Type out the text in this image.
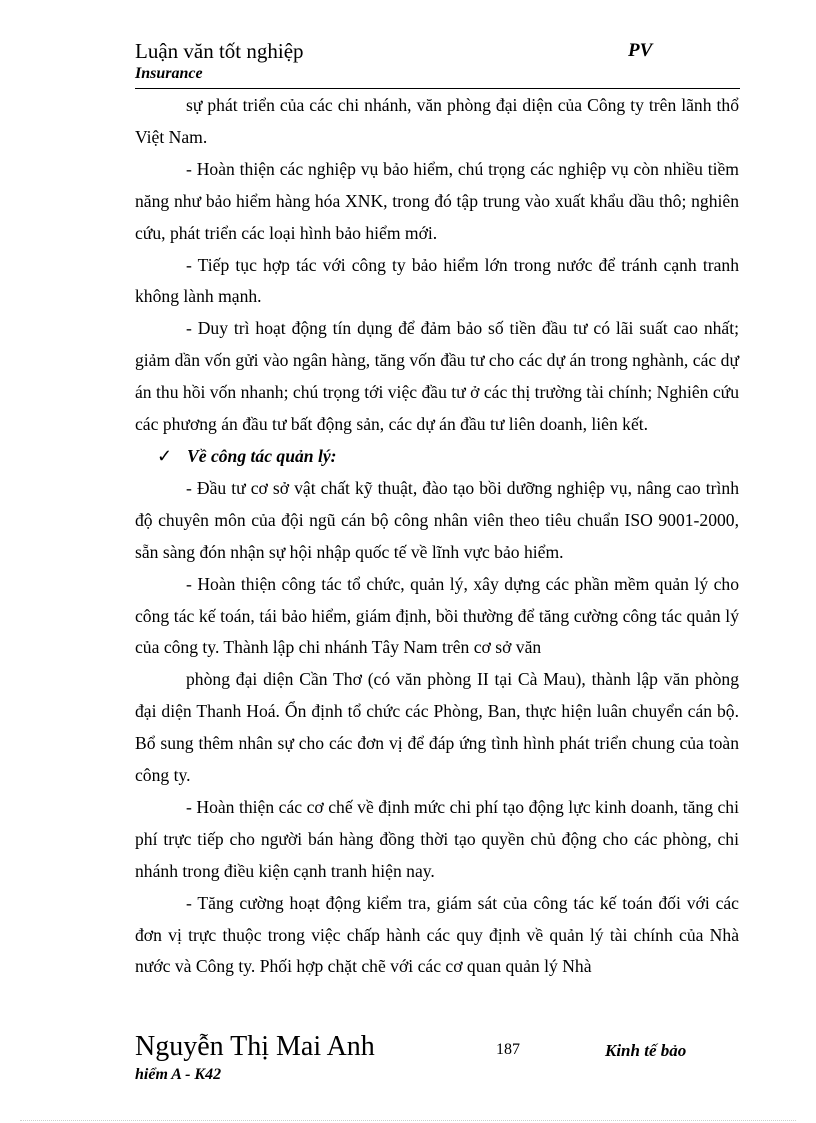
Luận văn tốt nghiệp	PV
Insurance

sự phát triển của các chi nhánh, văn phòng đại diện của Công ty trên lãnh thổ Việt Nam.

- Hoàn thiện các nghiệp vụ bảo hiểm, chú trọng các nghiệp vụ còn nhiều tiềm năng như bảo hiểm hàng hóa XNK, trong đó tập trung vào xuất khẩu dầu thô; nghiên cứu, phát triển các loại hình bảo hiểm mới.

- Tiếp tục hợp tác với công ty bảo hiểm lớn trong nước để tránh cạnh tranh không lành mạnh.

- Duy trì hoạt động tín dụng để đảm bảo số tiền đầu tư có lãi suất cao nhất; giảm dần vốn gửi vào ngân hàng, tăng vốn đầu tư cho các dự án trong nghành, các dự án thu hồi vốn nhanh; chú trọng tới việc đầu tư ở các thị trường tài chính; Nghiên cứu các phương án đầu tư bất động sản, các dự án đầu tư liên doanh, liên kết.

✓ Về công tác quản lý:

- Đầu tư cơ sở vật chất kỹ thuật, đào tạo bồi dưỡng nghiệp vụ, nâng cao trình độ chuyên môn của đội ngũ cán bộ công nhân viên theo tiêu chuẩn ISO 9001-2000, sẵn sàng đón nhận sự hội nhập quốc tế về lĩnh vực bảo hiểm.

- Hoàn thiện công tác tổ chức, quản lý, xây dựng các phần mềm quản lý cho công tác kế toán, tái bảo hiểm, giám định, bồi thường để tăng cường công tác quản lý của công ty. Thành lập chi nhánh Tây Nam trên cơ sở văn

phòng đại diện Cần Thơ (có văn phòng II tại Cà Mau), thành lập văn phòng đại diện Thanh Hoá. Ổn định tổ chức các Phòng, Ban, thực hiện luân chuyển cán bộ. Bổ sung thêm nhân sự cho các đơn vị để đáp ứng tình hình phát triển chung của toàn công ty.

- Hoàn thiện các cơ chế về định mức chi phí tạo động lực kinh doanh, tăng chi phí trực tiếp cho người bán hàng đồng thời tạo quyền chủ động cho các phòng, chi nhánh trong điều kiện cạnh tranh hiện nay.

- Tăng cường hoạt động kiểm tra, giám sát của công tác kế toán đối với các đơn vị trực thuộc trong việc chấp hành các quy định về quản lý tài chính của Nhà nước và Công ty. Phối hợp chặt chẽ với các cơ quan quản lý Nhà

Nguyễn Thị Mai Anh	187	Kinh tế bảo
hiểm A - K42
